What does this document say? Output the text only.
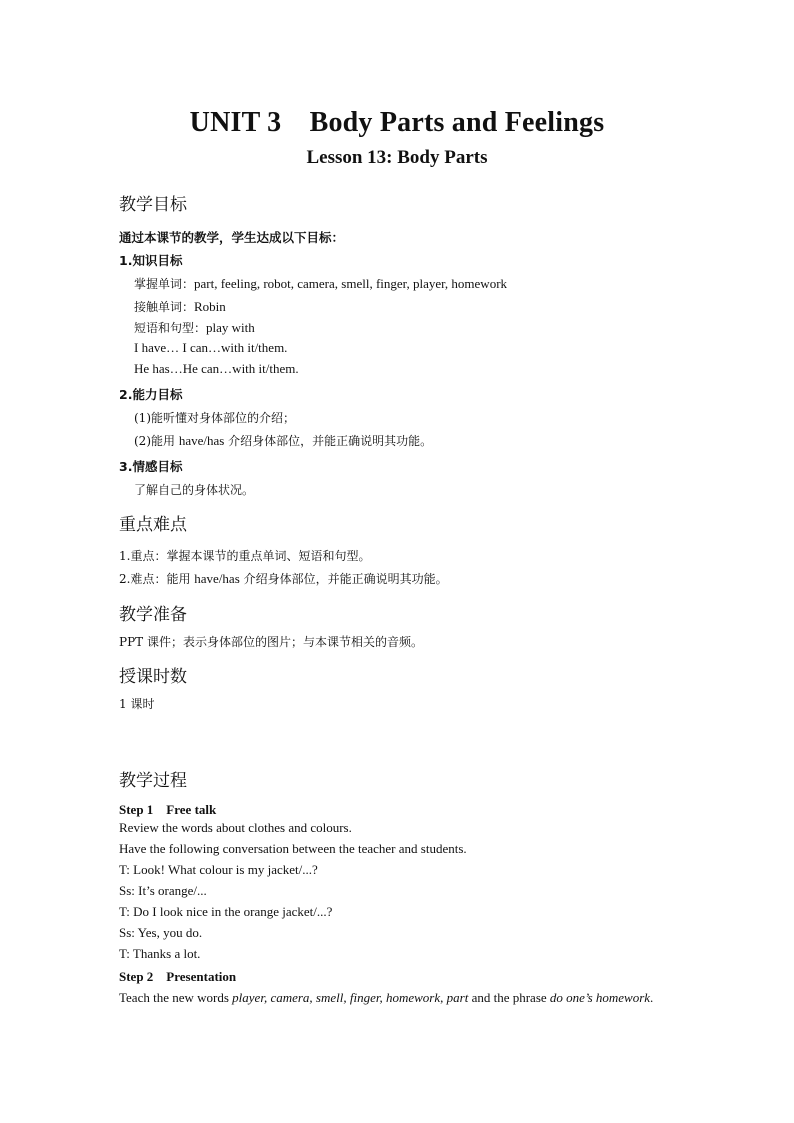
UNIT 3　Body Parts and Feelings
Lesson 13: Body Parts
教学目标
通过本课节的教学，学生达成以下目标：
1.知识目标
掌握单词：part, feeling, robot, camera, smell, finger, player, homework
接触单词：Robin
短语和句型：play with
I have… I can…with it/them.
He has…He can…with it/them.
2.能力目标
(1)能听懂对身体部位的介绍；
(2)能用 have/has 介绍身体部位，并能正确说明其功能。
3.情感目标
了解自己的身体状况。
重点难点
1.重点：掌握本课节的重点单词、短语和句型。
2.难点：能用 have/has 介绍身体部位，并能正确说明其功能。
教学准备
PPT 课件；表示身体部位的图片；与本课节相关的音频。
授课时数
1 课时
教学过程
Step 1　Free talk
Review the words about clothes and colours.
Have the following conversation between the teacher and students.
T: Look! What colour is my jacket/...?
Ss: It’s orange/...
T: Do I look nice in the orange jacket/...?
Ss: Yes, you do.
T: Thanks a lot.
Step 2　Presentation
Teach the new words player, camera, smell, finger, homework, part and the phrase do one’s homework.
